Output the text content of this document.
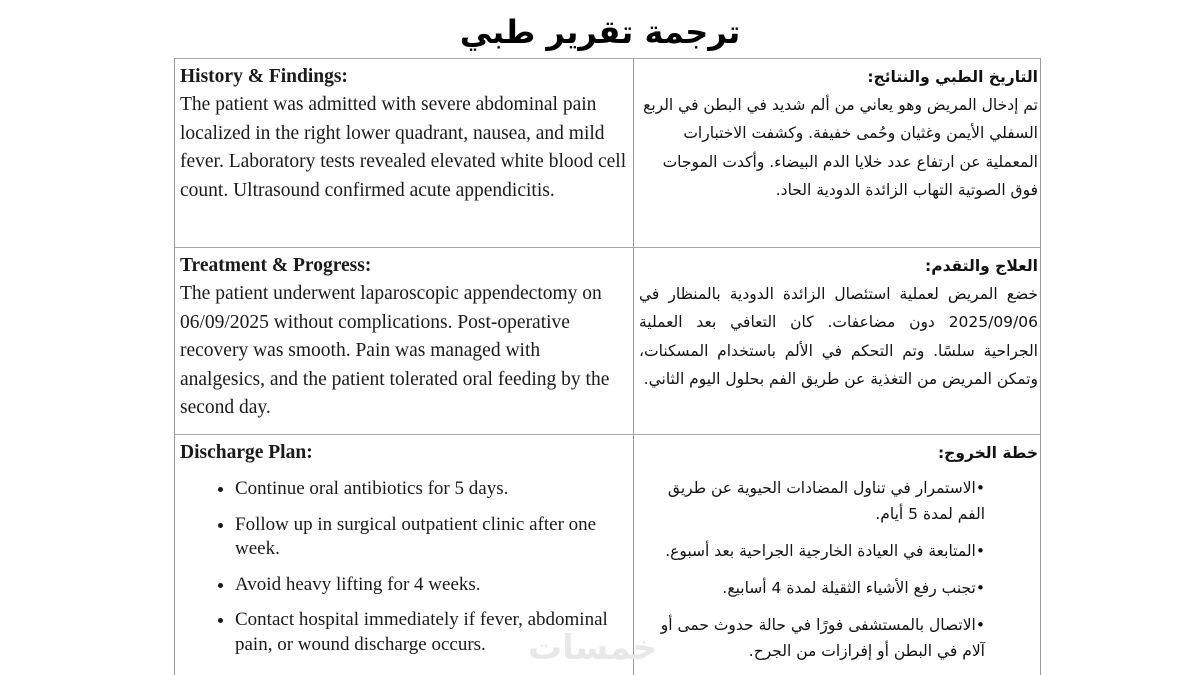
ترجمة تقرير طبي
History & Findings:
The patient was admitted with severe abdominal pain localized in the right lower quadrant, nausea, and mild fever. Laboratory tests revealed elevated white blood cell count. Ultrasound confirmed acute appendicitis.
التاريخ الطبي والنتائج:
تم إدخال المريض وهو يعاني من ألم شديد في البطن في الربع السفلي الأيمن وغثيان وحُمى خفيفة. وكشفت الاختبارات المعملية عن ارتفاع عدد خلايا الدم البيضاء. وأكدت الموجات فوق الصوتية التهاب الزائدة الدودية الحاد.
Treatment & Progress:
The patient underwent laparoscopic appendectomy on 06/09/2025 without complications. Post-operative recovery was smooth. Pain was managed with analgesics, and the patient tolerated oral feeding by the second day.
العلاج والتقدم:
خضع المريض لعملية استئصال الزائدة الدودية بالمنظار في 2025/09/06 دون مضاعفات. كان التعافي بعد العملية الجراحية سلسًا. وتم التحكم في الألم باستخدام المسكنات، وتمكن المريض من التغذية عن طريق الفم بحلول اليوم الثاني.
Discharge Plan:
• Continue oral antibiotics for 5 days.
• Follow up in surgical outpatient clinic after one week.
• Avoid heavy lifting for 4 weeks.
• Contact hospital immediately if fever, abdominal pain, or wound discharge occurs.
خطة الخروج:
•الاستمرار في تناول المضادات الحيوية عن طريق الفم لمدة 5 أيام.
•المتابعة في العيادة الخارجية الجراحية بعد أسبوع.
•تجنب رفع الأشياء الثقيلة لمدة 4 أسابيع.
•الاتصال بالمستشفى فورًا في حالة حدوث حمى أو آلام في البطن أو إفرازات من الجرح.
خمسات
